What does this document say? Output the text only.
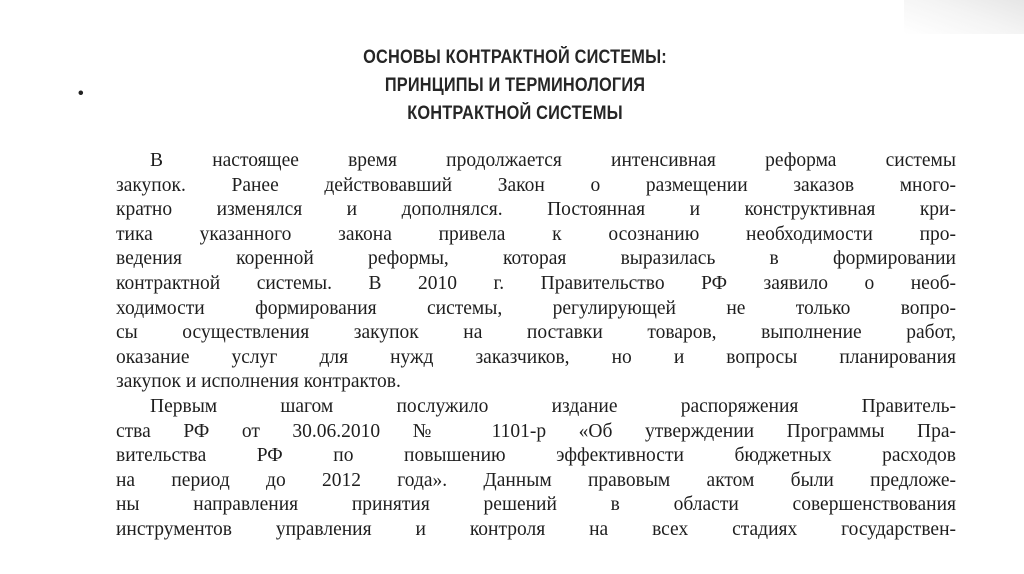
•
ОСНОВЫ КОНТРАКТНОЙ СИСТЕМЫ:
ПРИНЦИПЫ И ТЕРМИНОЛОГИЯ
КОНТРАКТНОЙ СИСТЕМЫ
В настоящее время продолжается интенсивная реформа системы
закупок. Ранее действовавший Закон о размещении заказов много-
кратно изменялся и дополнялся. Постоянная и конструктивная кри-
тика указанного закона привела к осознанию необходимости про-
ведения коренной реформы, которая выразилась в формировании
контрактной системы. В 2010 г. Правительство РФ заявило о необ-
ходимости формирования системы, регулирующей не только вопро-
сы осуществления закупок на поставки товаров, выполнение работ,
оказание услуг для нужд заказчиков, но и вопросы планирования
закупок и исполнения контрактов.
Первым шагом послужило издание распоряжения Правитель-
ства РФ от 30.06.2010 № 1101-р «Об утверждении Программы Пра-
вительства РФ по повышению эффективности бюджетных расходов
на период до 2012 года». Данным правовым актом были предложе-
ны направления принятия решений в области совершенствования
инструментов управления и контроля на всех стадиях государствен-
